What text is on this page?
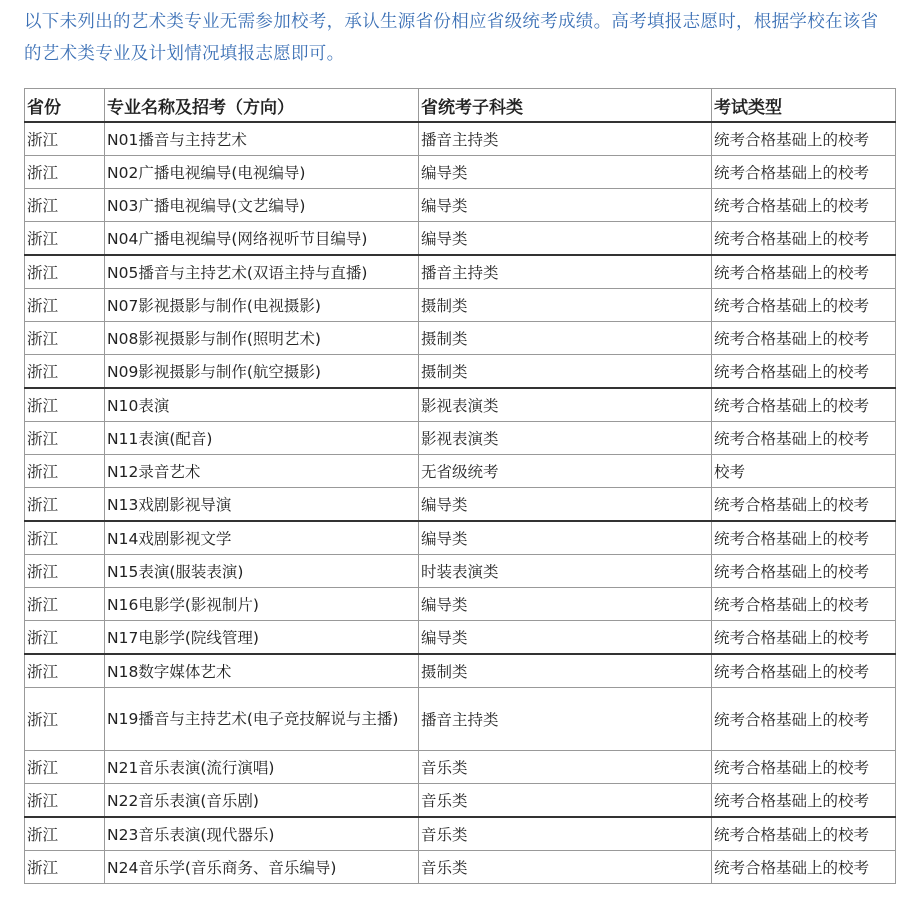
以下未列出的艺术类专业无需参加校考，承认生源省份相应省级统考成绩。高考填报志愿时，根据学校在该省的艺术类专业及计划情况填报志愿即可。
省份	专业名称及招考（方向）	省统考子科类	考试类型
浙江	N01播音与主持艺术	播音主持类	统考合格基础上的校考
浙江	N02广播电视编导(电视编导)	编导类	统考合格基础上的校考
浙江	N03广播电视编导(文艺编导)	编导类	统考合格基础上的校考
浙江	N04广播电视编导(网络视听节目编导)	编导类	统考合格基础上的校考
浙江	N05播音与主持艺术(双语主持与直播)	播音主持类	统考合格基础上的校考
浙江	N07影视摄影与制作(电视摄影)	摄制类	统考合格基础上的校考
浙江	N08影视摄影与制作(照明艺术)	摄制类	统考合格基础上的校考
浙江	N09影视摄影与制作(航空摄影)	摄制类	统考合格基础上的校考
浙江	N10表演	影视表演类	统考合格基础上的校考
浙江	N11表演(配音)	影视表演类	统考合格基础上的校考
浙江	N12录音艺术	无省级统考	校考
浙江	N13戏剧影视导演	编导类	统考合格基础上的校考
浙江	N14戏剧影视文学	编导类	统考合格基础上的校考
浙江	N15表演(服装表演)	时装表演类	统考合格基础上的校考
浙江	N16电影学(影视制片)	编导类	统考合格基础上的校考
浙江	N17电影学(院线管理)	编导类	统考合格基础上的校考
浙江	N18数字媒体艺术	摄制类	统考合格基础上的校考
浙江	N19播音与主持艺术(电子竞技解说与主播)	播音主持类	统考合格基础上的校考
浙江	N21音乐表演(流行演唱)	音乐类	统考合格基础上的校考
浙江	N22音乐表演(音乐剧)	音乐类	统考合格基础上的校考
浙江	N23音乐表演(现代器乐)	音乐类	统考合格基础上的校考
浙江	N24音乐学(音乐商务、音乐编导)	音乐类	统考合格基础上的校考
